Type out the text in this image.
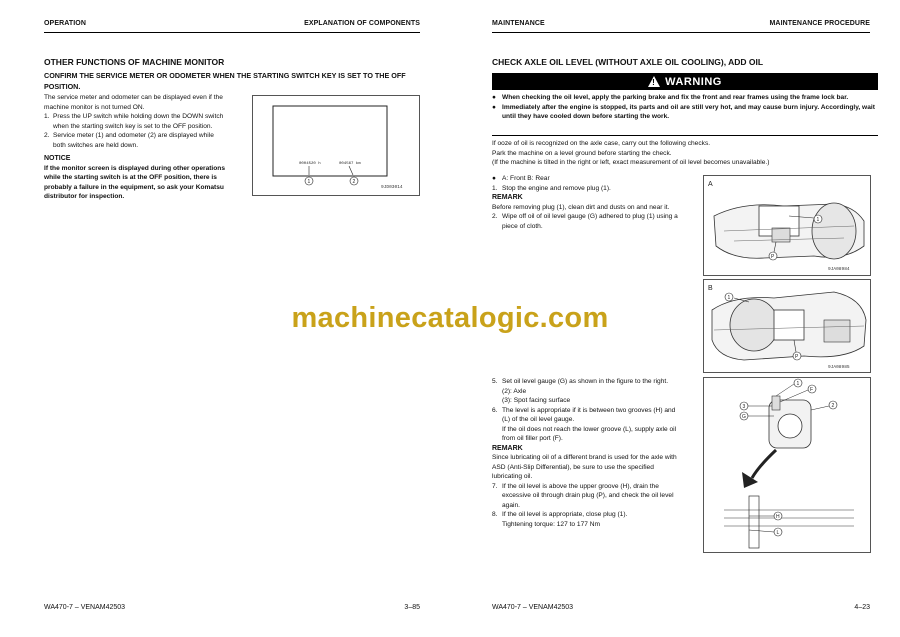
OPERATION	EXPLANATION OF COMPONENTS
OTHER FUNCTIONS OF MACHINE MONITOR
CONFIRM THE SERVICE METER OR ODOMETER WHEN THE STARTING SWITCH KEY IS SET TO THE OFF POSITION.

The service meter and odometer can be displayed even if the machine monitor is not turned ON.

1. Press the UP switch while holding down the DOWN switch when the starting switch key is set to the OFF position.
2. Service meter (1) and odometer (2) are displayed while both switches are held down.
NOTICE

If the monitor screen is displayed during other operations while the starting switch is at the OFF position, there is probably a failure in the equipment, so ask your Komatsu distributor for inspection.

0004520 h	004567 km
1	2
9JD03014
WA470-7 – VENAM42503	3–85
MAINTENANCE	MAINTENANCE PROCEDURE
CHECK AXLE OIL LEVEL (WITHOUT AXLE OIL COOLING), ADD OIL
! WARNING
● When checking the oil level, apply the parking brake and fix the front and rear frames using the frame lock bar.
● Immediately after the engine is stopped, its parts and oil are still very hot, and may cause burn injury. Accordingly, wait until they have cooled down before starting the work.
If ooze of oil is recognized on the axle case, carry out the following checks.
Park the machine on a level ground before starting the check.
(If the machine is tilted in the right or left, exact measurement of oil level becomes unavailable.)
● A: Front B: Rear
1. Stop the engine and remove plug (1).
REMARK
Before removing plug (1), clean dirt and dusts on and near it.
2. Wipe off oil of oil level gauge (G) adhered to plug (1) using a piece of cloth.
A
1
P
9JA08984
B
1
P
9JA08985
5. Set oil level gauge (G) as shown in the figure to the right.
(2): Axle
(3): Spot facing surface
6. The level is appropriate if it is between two grooves (H) and (L) of the oil level gauge.
If the oil does not reach the lower groove (L), supply axle oil from oil filler port (F).
REMARK
Since lubricating oil of a different brand is used for the axle with ASD (Anti-Slip Differential), be sure to use the specified lubricating oil.
7. If the oil level is above the upper groove (H), drain the excessive oil through drain plug (P), and check the oil level again.
8. If the oil level is appropriate, close plug (1).
Tightening torque: 127 to 177 Nm
1
F
2
3
G
H
L
WA470-7 – VENAM42503	4–23
machinecatalogic.com
